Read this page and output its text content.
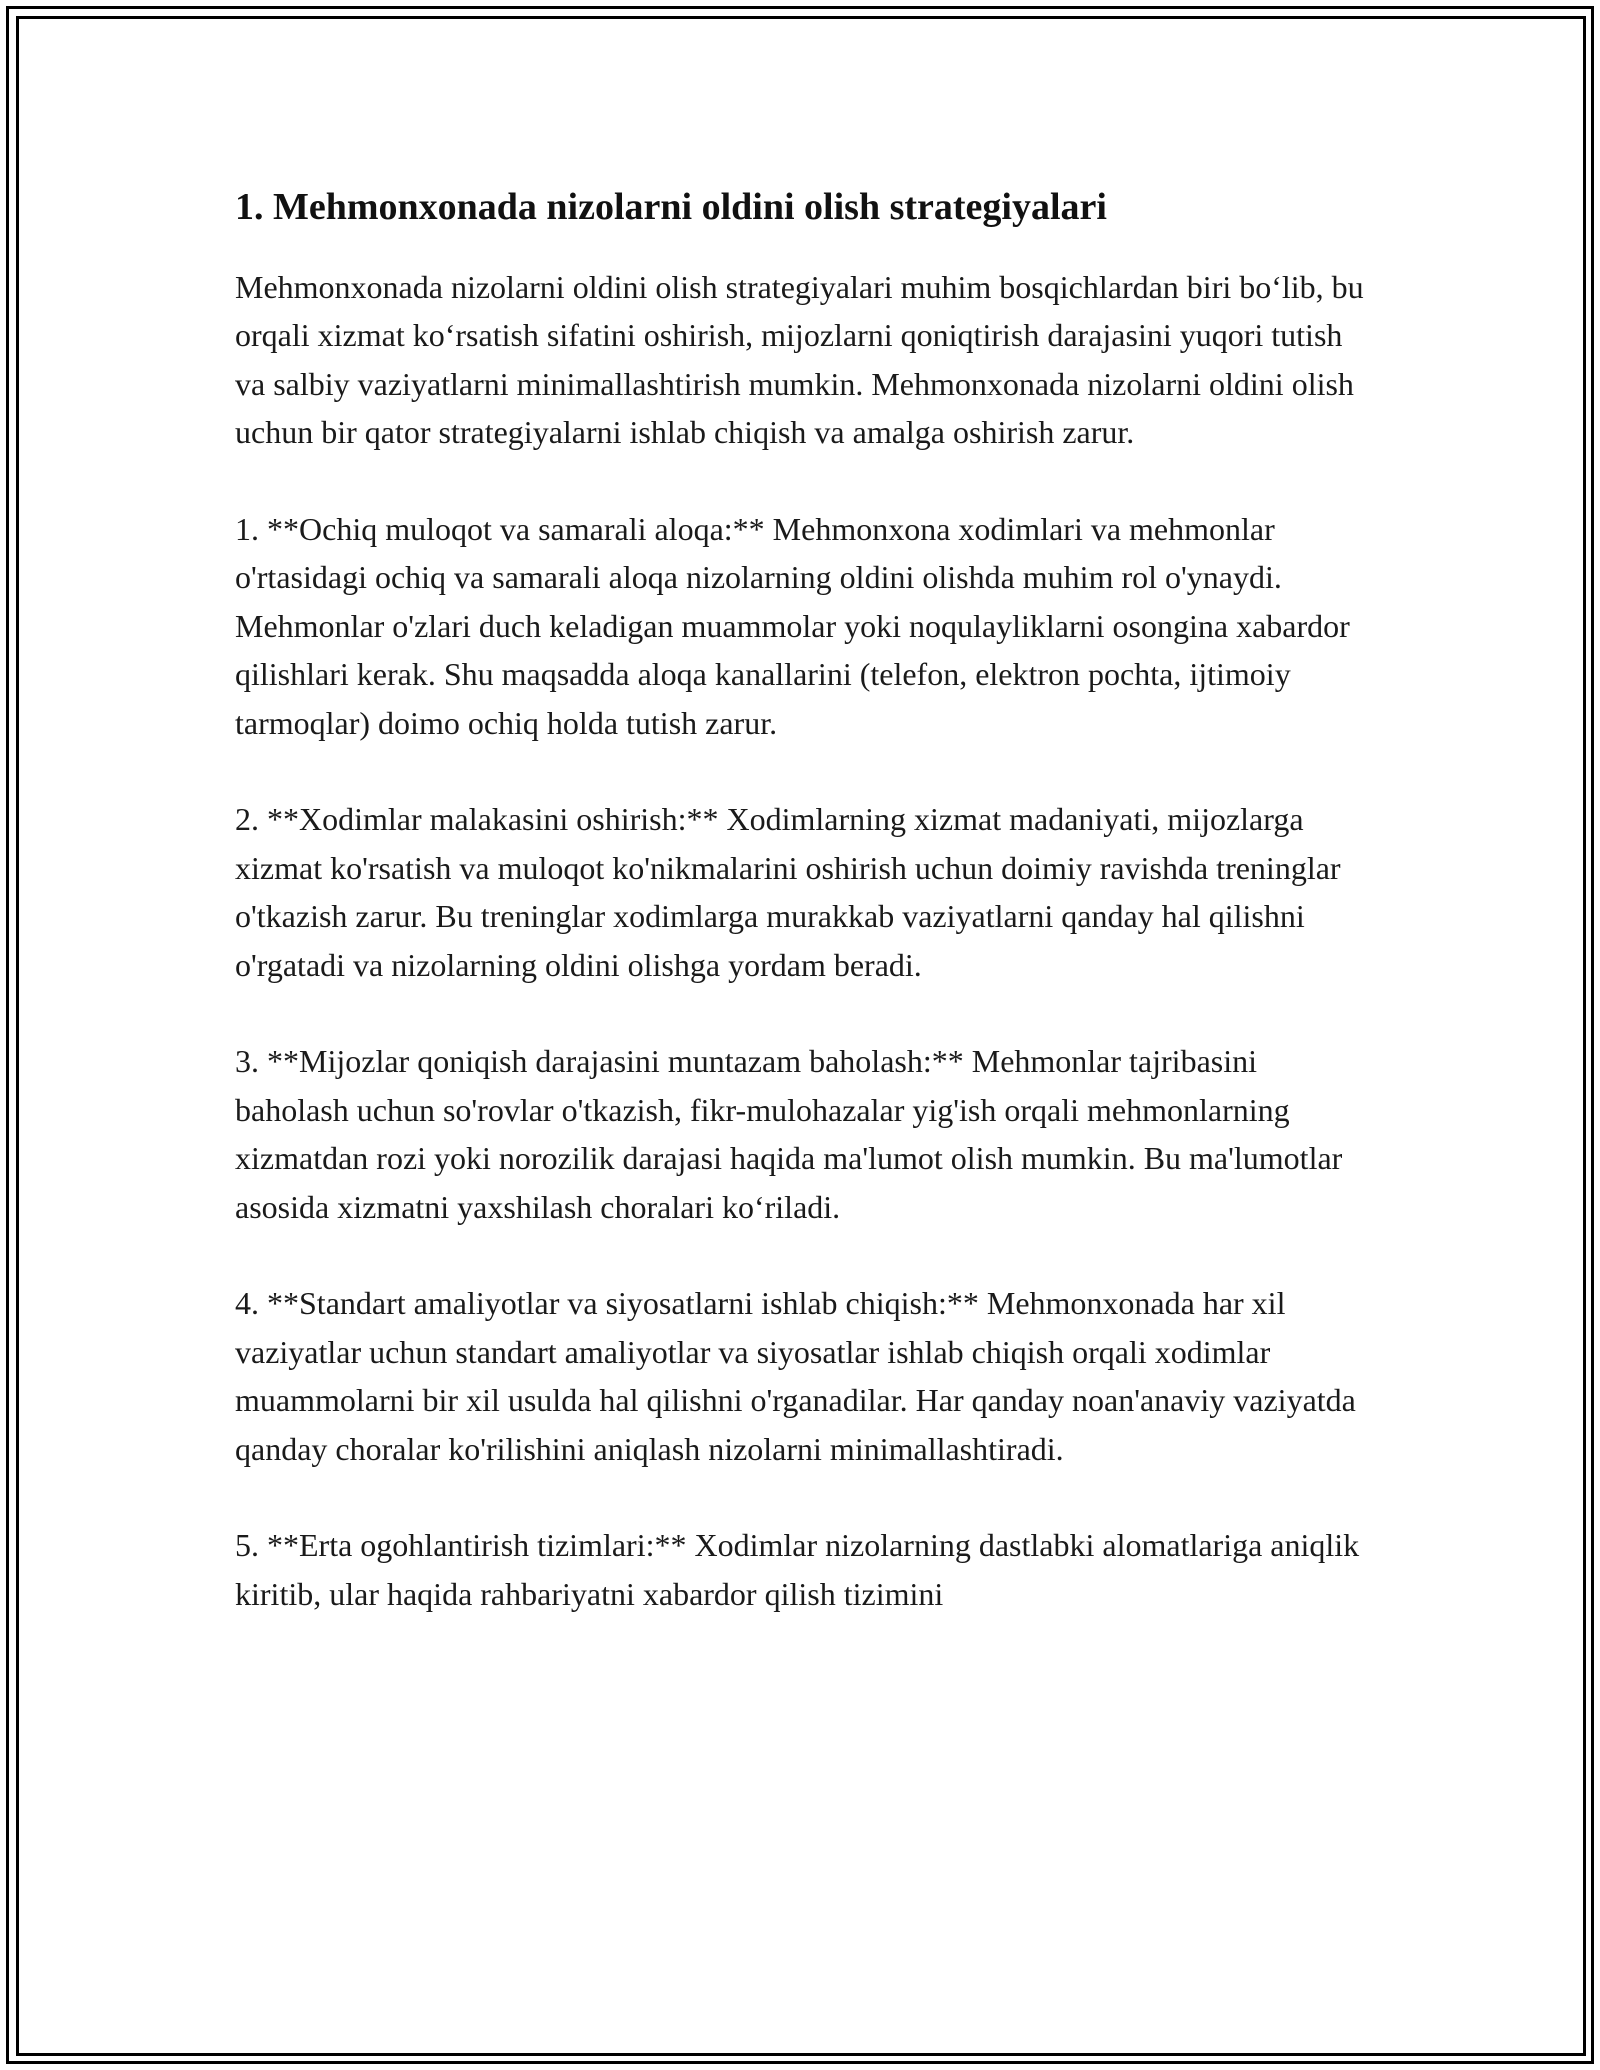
1. Mehmonxonada nizolarni oldini olish strategiyalari

Mehmonxonada nizolarni oldini olish strategiyalari muhim bosqichlardan biri bo‘lib, bu orqali xizmat ko‘rsatish sifatini oshirish, mijozlarni qoniqtirish darajasini yuqori tutish va salbiy vaziyatlarni minimallashtirish mumkin. Mehmonxonada nizolarni oldini olish uchun bir qator strategiyalarni ishlab chiqish va amalga oshirish zarur.

1. **Ochiq muloqot va samarali aloqa:** Mehmonxona xodimlari va mehmonlar o'rtasidagi ochiq va samarali aloqa nizolarning oldini olishda muhim rol o'ynaydi. Mehmonlar o'zlari duch keladigan muammolar yoki noqulayliklarni osongina xabardor qilishlari kerak. Shu maqsadda aloqa kanallarini (telefon, elektron pochta, ijtimoiy tarmoqlar) doimo ochiq holda tutish zarur.

2. **Xodimlar malakasini oshirish:** Xodimlarning xizmat madaniyati, mijozlarga xizmat ko'rsatish va muloqot ko'nikmalarini oshirish uchun doimiy ravishda treninglar o'tkazish zarur. Bu treninglar xodimlarga murakkab vaziyatlarni qanday hal qilishni o'rgatadi va nizolarning oldini olishga yordam beradi.

3. **Mijozlar qoniqish darajasini muntazam baholash:** Mehmonlar tajribasini baholash uchun so'rovlar o'tkazish, fikr-mulohazalar yig'ish orqali mehmonlarning xizmatdan rozi yoki norozilik darajasi haqida ma'lumot olish mumkin. Bu ma'lumotlar asosida xizmatni yaxshilash choralari ko‘riladi.

4. **Standart amaliyotlar va siyosatlarni ishlab chiqish:** Mehmonxonada har xil vaziyatlar uchun standart amaliyotlar va siyosatlar ishlab chiqish orqali xodimlar muammolarni bir xil usulda hal qilishni o'rganadilar. Har qanday noan'anaviy vaziyatda qanday choralar ko'rilishini aniqlash nizolarni minimallashtiradi.

5. **Erta ogohlantirish tizimlari:** Xodimlar nizolarning dastlabki alomatlariga aniqlik kiritib, ular haqida rahbariyatni xabardor qilish tizimini
